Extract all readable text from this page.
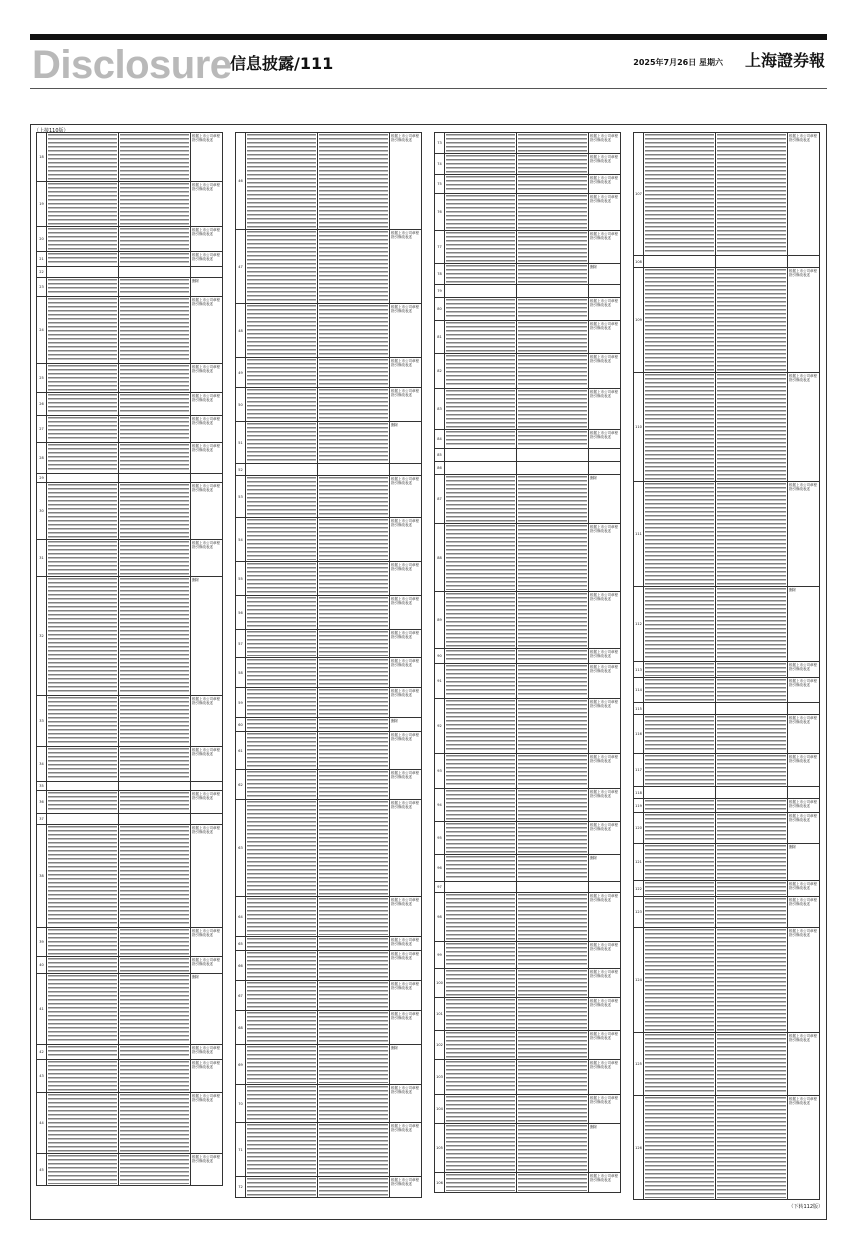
Disclosure
信息披露/111	2025年7月26日 星期六 上海證券報
（上接110版）
（下转112版）
18
根据上市公司章程指引修改表述
19
根据上市公司章程指引修改表述
20
根据上市公司章程指引修改表述
21
根据上市公司章程指引修改表述
22
23
删除
24
根据上市公司章程指引修改表述
25
根据上市公司章程指引修改表述
26
根据上市公司章程指引修改表述
27
根据上市公司章程指引修改表述
28
根据上市公司章程指引修改表述
29
30
根据上市公司章程指引修改表述
31
根据上市公司章程指引修改表述
32
删除
33
根据上市公司章程指引修改表述
34
根据上市公司章程指引修改表述
35
36
根据上市公司章程指引修改表述
37
38
根据上市公司章程指引修改表述
39
根据上市公司章程指引修改表述
40
根据上市公司章程指引修改表述
41
删除
42
根据上市公司章程指引修改表述
43
根据上市公司章程指引修改表述
44
根据上市公司章程指引修改表述
45
根据上市公司章程指引修改表述
46
根据上市公司章程指引修改表述
47
根据上市公司章程指引修改表述
48
根据上市公司章程指引修改表述
49
根据上市公司章程指引修改表述
50
根据上市公司章程指引修改表述
51
删除
52
53
根据上市公司章程指引修改表述
54
根据上市公司章程指引修改表述
55
根据上市公司章程指引修改表述
56
根据上市公司章程指引修改表述
57
根据上市公司章程指引修改表述
58
根据上市公司章程指引修改表述
59
根据上市公司章程指引修改表述
60
删除
61
根据上市公司章程指引修改表述
62
根据上市公司章程指引修改表述
63
根据上市公司章程指引修改表述
64
根据上市公司章程指引修改表述
65
根据上市公司章程指引修改表述
66
根据上市公司章程指引修改表述
67
根据上市公司章程指引修改表述
68
根据上市公司章程指引修改表述
69
删除
70
根据上市公司章程指引修改表述
71
根据上市公司章程指引修改表述
72
根据上市公司章程指引修改表述
73
根据上市公司章程指引修改表述
74
根据上市公司章程指引修改表述
75
根据上市公司章程指引修改表述
76
根据上市公司章程指引修改表述
77
根据上市公司章程指引修改表述
78
删除
79
80
根据上市公司章程指引修改表述
81
根据上市公司章程指引修改表述
82
根据上市公司章程指引修改表述
83
根据上市公司章程指引修改表述
84
根据上市公司章程指引修改表述
85
86
87
删除
88
根据上市公司章程指引修改表述
89
根据上市公司章程指引修改表述
90
根据上市公司章程指引修改表述
91
根据上市公司章程指引修改表述
92
根据上市公司章程指引修改表述
93
根据上市公司章程指引修改表述
94
根据上市公司章程指引修改表述
95
根据上市公司章程指引修改表述
96
删除
97
98
根据上市公司章程指引修改表述
99
根据上市公司章程指引修改表述
100
根据上市公司章程指引修改表述
101
根据上市公司章程指引修改表述
102
根据上市公司章程指引修改表述
103
根据上市公司章程指引修改表述
104
根据上市公司章程指引修改表述
105
删除
106
根据上市公司章程指引修改表述
107
根据上市公司章程指引修改表述
108
109
根据上市公司章程指引修改表述
110
根据上市公司章程指引修改表述
111
根据上市公司章程指引修改表述
112
删除
113
根据上市公司章程指引修改表述
114
根据上市公司章程指引修改表述
115
116
根据上市公司章程指引修改表述
117
根据上市公司章程指引修改表述
118
119
根据上市公司章程指引修改表述
120
根据上市公司章程指引修改表述
121
删除
122
根据上市公司章程指引修改表述
123
根据上市公司章程指引修改表述
124
根据上市公司章程指引修改表述
125
根据上市公司章程指引修改表述
126
根据上市公司章程指引修改表述
